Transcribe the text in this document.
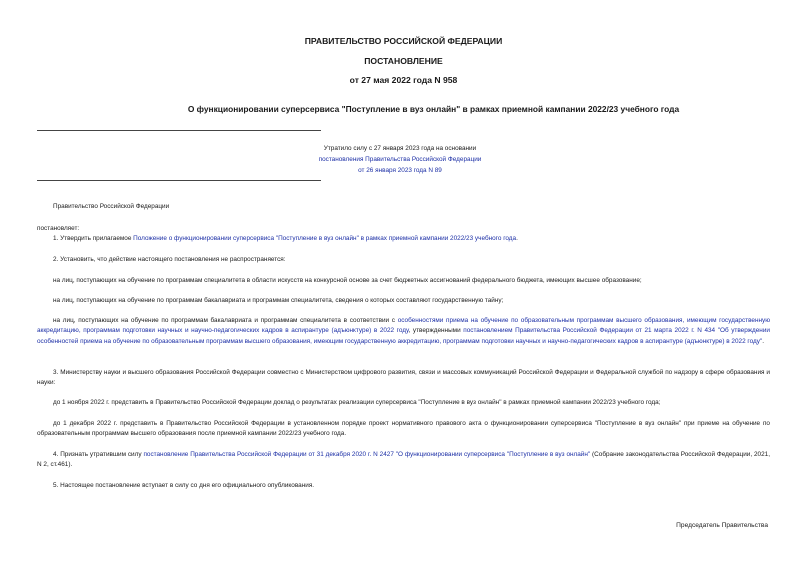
ПРАВИТЕЛЬСТВО РОССИЙСКОЙ ФЕДЕРАЦИИ
ПОСТАНОВЛЕНИЕ
от 27 мая 2022 года N 958
О функционировании суперсервиса "Поступление в вуз онлайн" в рамках приемной кампании 2022/23 учебного года
Утратило силу с 27 января 2023 года на основании
постановления Правительства Российской Федерации
от 26 января 2023 года N 89
Правительство Российской Федерации
постановляет:
1. Утвердить прилагаемое Положение о функционировании суперсервиса "Поступление в вуз онлайн" в рамках приемной кампании 2022/23 учебного года.
2. Установить, что действие настоящего постановления не распространяется:
на лиц, поступающих на обучение по программам специалитета в области искусств на конкурсной основе за счет бюджетных ассигнований федерального бюджета, имеющих высшее образование;
на лиц, поступающих на обучение по программам бакалавриата и программам специалитета, сведения о которых составляют государственную тайну;
на лиц, поступающих на обучение по программам бакалавриата и программам специалитета в соответствии с особенностями приема на обучение по образовательным программам высшего образования, имеющим государственную аккредитацию, программам подготовки научных и научно-педагогических кадров в аспирантуре (адъюнктуре) в 2022 году, утвержденными постановлением Правительства Российской Федерации от 21 марта 2022 г. N 434 "Об утверждении особенностей приема на обучение по образовательным программам высшего образования, имеющим государственную аккредитацию, программам подготовки научных и научно-педагогических кадров в аспирантуре (адъюнктуре) в 2022 году".
3. Министерству науки и высшего образования Российской Федерации совместно с Министерством цифрового развития, связи и массовых коммуникаций Российской Федерации и Федеральной службой по надзору в сфере образования и науки:
до 1 ноября 2022 г. представить в Правительство Российской Федерации доклад о результатах реализации суперсервиса "Поступление в вуз онлайн" в рамках приемной кампании 2022/23 учебного года;
до 1 декабря 2022 г. представить в Правительство Российской Федерации в установленном порядке проект нормативного правового акта о функционировании суперсервиса "Поступление в вуз онлайн" при приеме на обучение по образовательным программам высшего образования после приемной кампании 2022/23 учебного года.
4. Признать утратившим силу постановление Правительства Российской Федерации от 31 декабря 2020 г. N 2427 "О функционировании суперсервиса "Поступление в вуз онлайн" (Собрание законодательства Российской Федерации, 2021, N 2, ст.461).
5. Настоящее постановление вступает в силу со дня его официального опубликования.
Председатель Правительства
